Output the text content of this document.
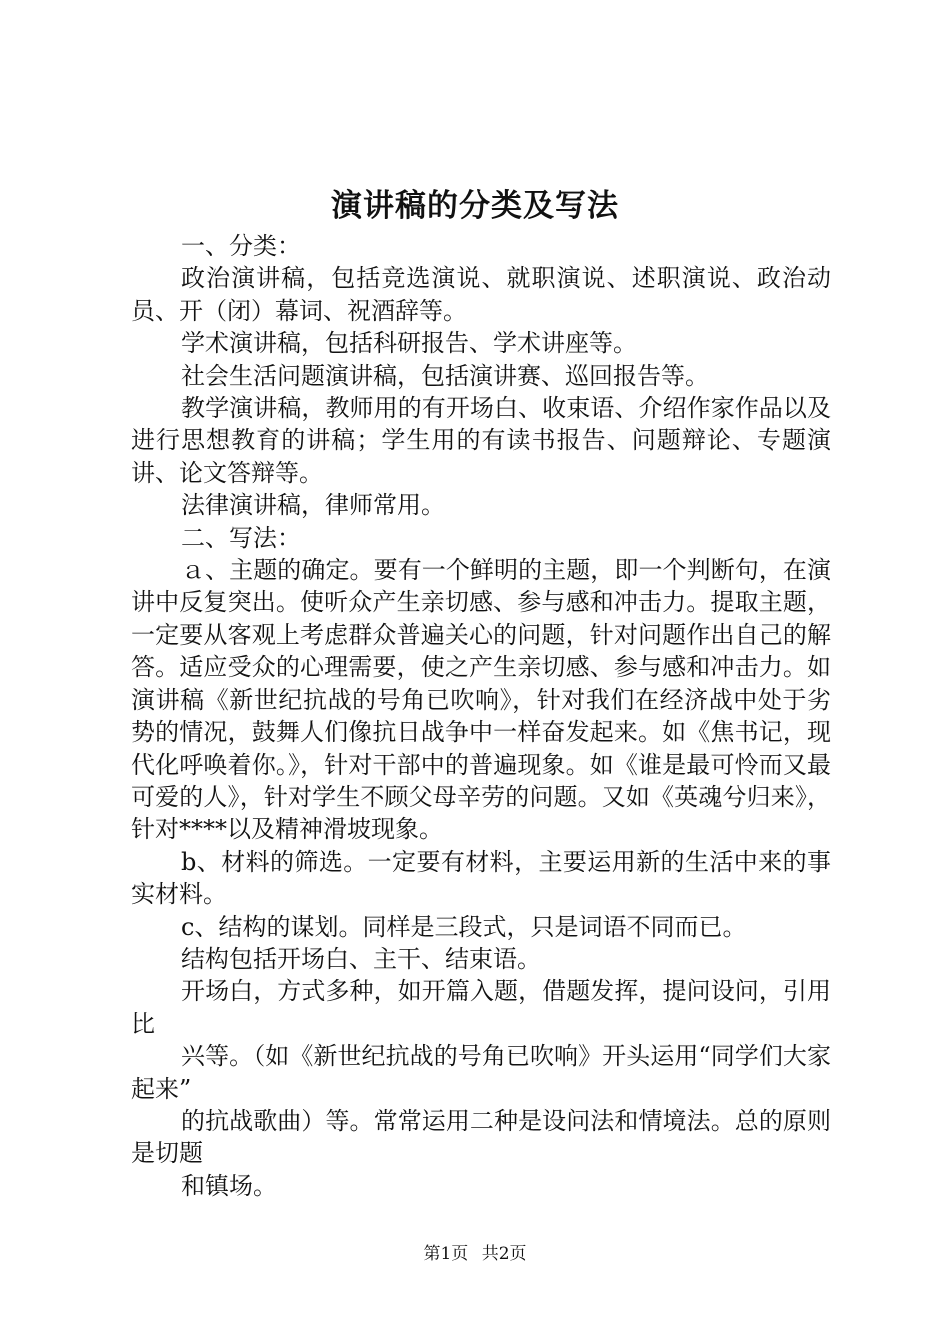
演讲稿的分类及写法

一、分类：

政治演讲稿，包括竞选演说、就职演说、述职演说、政治动员、开（闭）幕词、祝酒辞等。

学术演讲稿，包括科研报告、学术讲座等。

社会生活问题演讲稿，包括演讲赛、巡回报告等。

教学演讲稿，教师用的有开场白、收束语、介绍作家作品以及进行思想教育的讲稿；学生用的有读书报告、问题辩论、专题演讲、论文答辩等。

法律演讲稿，律师常用。

二、写法：

ａ、主题的确定。要有一个鲜明的主题，即一个判断句，在演讲中反复突出。使听众产生亲切感、参与感和冲击力。提取主题，一定要从客观上考虑群众普遍关心的问题，针对问题作出自己的解答。适应受众的心理需要，使之产生亲切感、参与感和冲击力。如演讲稿《新世纪抗战的号角已吹响》，针对我们在经济战中处于劣势的情况，鼓舞人们像抗日战争中一样奋发起来。如《焦书记，现代化呼唤着你。》，针对干部中的普遍现象。如《谁是最可怜而又最可爱的人》，针对学生不顾父母辛劳的问题。又如《英魂兮归来》，针对****以及精神滑坡现象。

b、材料的筛选。一定要有材料，主要运用新的生活中来的事实材料。

c、结构的谋划。同样是三段式，只是词语不同而已。

结构包括开场白、主干、结束语。

开场白，方式多种，如开篇入题，借题发挥，提问设问，引用比

兴等。（如《新世纪抗战的号角已吹响》开头运用“同学们大家起来”

的抗战歌曲）等。常常运用二种是设问法和情境法。总的原则是切题

和镇场。

第1页 共2页
